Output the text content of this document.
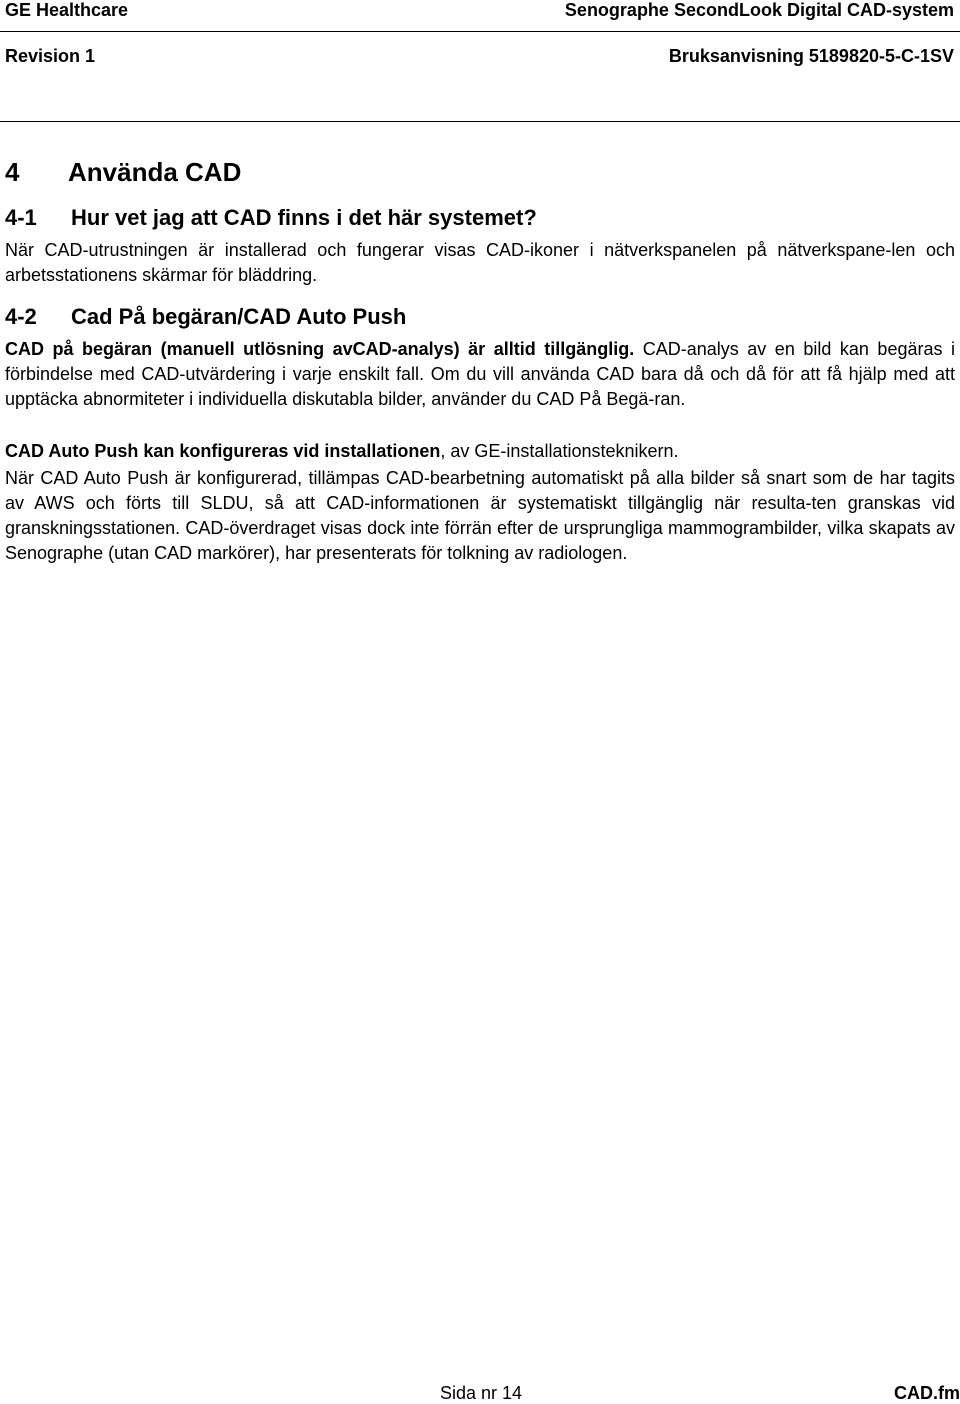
GE Healthcare	Senographe SecondLook Digital CAD-system
Revision 1	Bruksanvisning 5189820-5-C-1SV
4	Använda CAD
4-1	Hur vet jag att CAD finns i det här systemet?
När CAD-utrustningen är installerad och fungerar visas CAD-ikoner i nätverkspanelen på nätverkspane-len och arbetsstationens skärmar för bläddring.
4-2	Cad På begäran/CAD Auto Push
CAD på begäran (manuell utlösning avCAD-analys) är alltid tillgänglig. CAD-analys av en bild kan begäras i förbindelse med CAD-utvärdering i varje enskilt fall. Om du vill använda CAD bara då och då för att få hjälp med att upptäcka abnormiteter i individuella diskutabla bilder, använder du CAD På Begä-ran.
CAD Auto Push kan konfigureras vid installationen, av GE-installationsteknikern.
När CAD Auto Push är konfigurerad, tillämpas CAD-bearbetning automatiskt på alla bilder så snart som de har tagits av AWS och förts till SLDU, så att CAD-informationen är systematiskt tillgänglig när resulta-ten granskas vid granskningsstationen. CAD-överdraget visas dock inte förrän efter de ursprungliga mammogrambilder, vilka skapats av Senographe (utan CAD markörer), har presenterats för tolkning av radiologen.
Sida nr 14	CAD.fm
